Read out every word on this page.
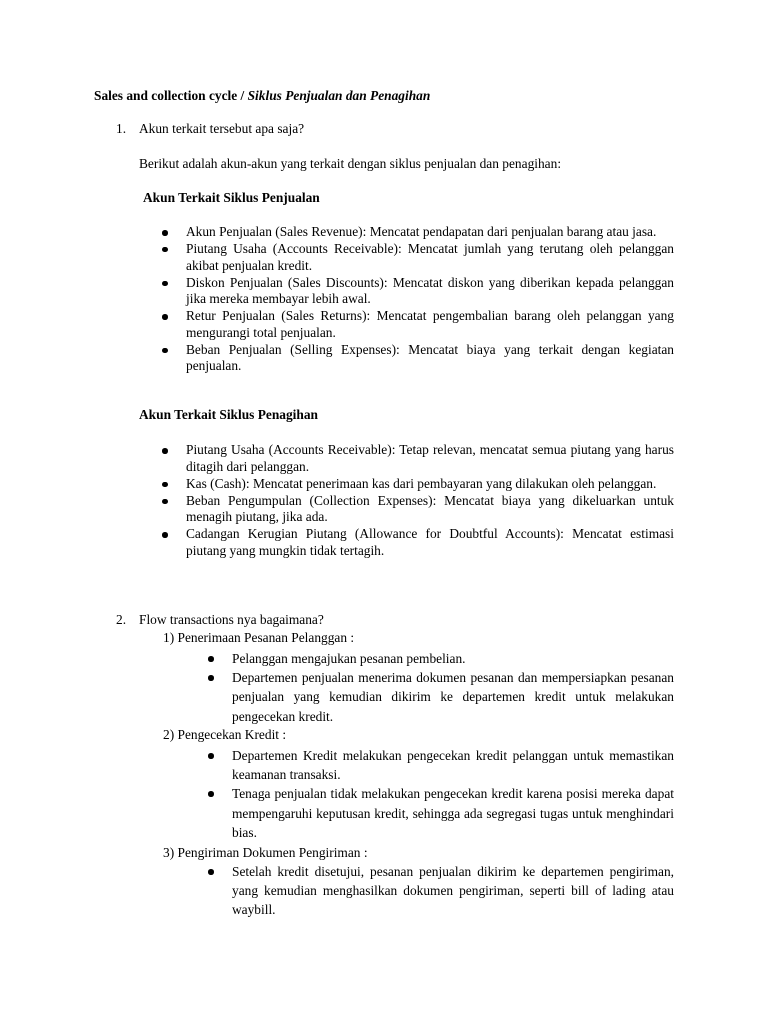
Sales and collection cycle / Siklus Penjualan dan Penagihan
1. Akun terkait tersebut apa saja?
Berikut adalah akun-akun yang terkait dengan siklus penjualan dan penagihan:
Akun Terkait Siklus Penjualan
Akun Penjualan (Sales Revenue): Mencatat pendapatan dari penjualan barang atau jasa.
Piutang Usaha (Accounts Receivable): Mencatat jumlah yang terutang oleh pelanggan akibat penjualan kredit.
Diskon Penjualan (Sales Discounts): Mencatat diskon yang diberikan kepada pelanggan jika mereka membayar lebih awal.
Retur Penjualan (Sales Returns): Mencatat pengembalian barang oleh pelanggan yang mengurangi total penjualan.
Beban Penjualan (Selling Expenses): Mencatat biaya yang terkait dengan kegiatan penjualan.
Akun Terkait Siklus Penagihan
Piutang Usaha (Accounts Receivable): Tetap relevan, mencatat semua piutang yang harus ditagih dari pelanggan.
Kas (Cash): Mencatat penerimaan kas dari pembayaran yang dilakukan oleh pelanggan.
Beban Pengumpulan (Collection Expenses): Mencatat biaya yang dikeluarkan untuk menagih piutang, jika ada.
Cadangan Kerugian Piutang (Allowance for Doubtful Accounts): Mencatat estimasi piutang yang mungkin tidak tertagih.
2. Flow transactions nya bagaimana?
1) Penerimaan Pesanan Pelanggan :
Pelanggan mengajukan pesanan pembelian.
Departemen penjualan menerima dokumen pesanan dan mempersiapkan pesanan penjualan yang kemudian dikirim ke departemen kredit untuk melakukan pengecekan kredit.
2) Pengecekan Kredit :
Departemen Kredit melakukan pengecekan kredit pelanggan untuk memastikan keamanan transaksi.
Tenaga penjualan tidak melakukan pengecekan kredit karena posisi mereka dapat mempengaruhi keputusan kredit, sehingga ada segregasi tugas untuk menghindari bias.
3) Pengiriman Dokumen Pengiriman :
Setelah kredit disetujui, pesanan penjualan dikirim ke departemen pengiriman, yang kemudian menghasilkan dokumen pengiriman, seperti bill of lading atau waybill.
